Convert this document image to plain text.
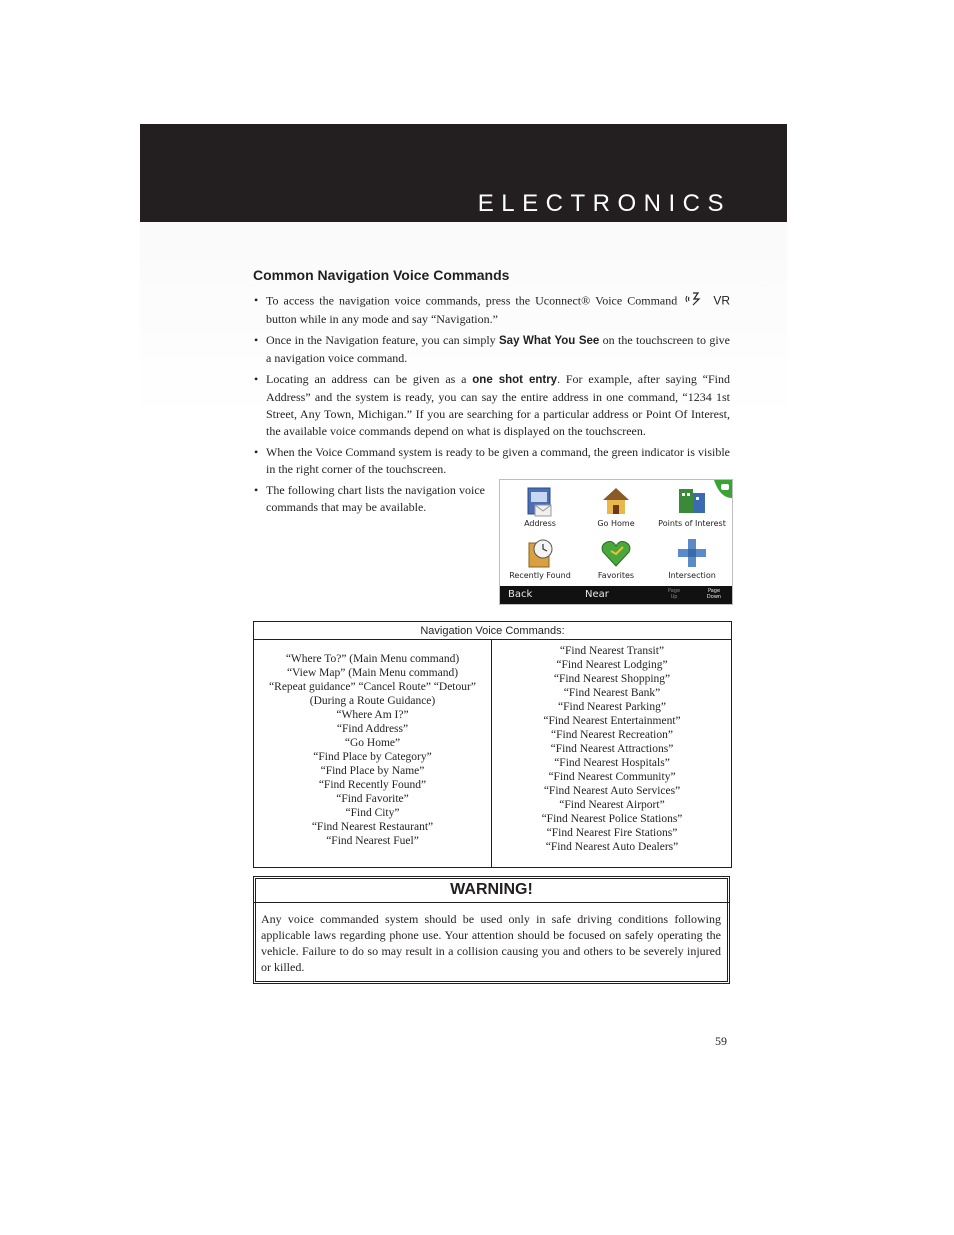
ELECTRONICS
Common Navigation Voice Commands
• To access the navigation voice commands, press the Uconnect® Voice Command	VR button while in any mode and say “Navigation.”
• Once in the Navigation feature, you can simply Say What You See on the touchscreen to give a navigation voice command.
• Locating an address can be given as a one shot entry. For example, after saying “Find Address” and the system is ready, you can say the entire address in one command, “1234 1st Street, Any Town, Michigan.” If you are searching for a particular address or Point Of Interest, the available voice commands depend on what is displayed on the touchscreen.
• When the Voice Command system is ready to be given a command, the green indicator is visible in the right corner of the touchscreen.
• The following chart lists the navigation voice commands that may be available.
Address	Go Home	Points of Interest
Recently Found	Favorites	Intersection
Back	Near	Page Up
Page Down
Navigation Voice Commands:
“Where To?” (Main Menu command)
“View Map” (Main Menu command)
“Repeat guidance” “Cancel Route” “Detour”
(During a Route Guidance)
“Where Am I?”
“Find Address”
“Go Home”
“Find Place by Category”
“Find Place by Name”
“Find Recently Found”
“Find Favorite”
“Find City”
“Find Nearest Restaurant”
“Find Nearest Fuel”
“Find Nearest Transit”
“Find Nearest Lodging”
“Find Nearest Shopping”
“Find Nearest Bank”
“Find Nearest Parking”
“Find Nearest Entertainment”
“Find Nearest Recreation”
“Find Nearest Attractions”
“Find Nearest Hospitals”
“Find Nearest Community”
“Find Nearest Auto Services”
“Find Nearest Airport”
“Find Nearest Police Stations”
“Find Nearest Fire Stations”
“Find Nearest Auto Dealers”
WARNING!
Any voice commanded system should be used only in safe driving conditions following applicable laws regarding phone use. Your attention should be focused on safely operating the vehicle. Failure to do so may result in a collision causing you and others to be severely injured or killed.
59
